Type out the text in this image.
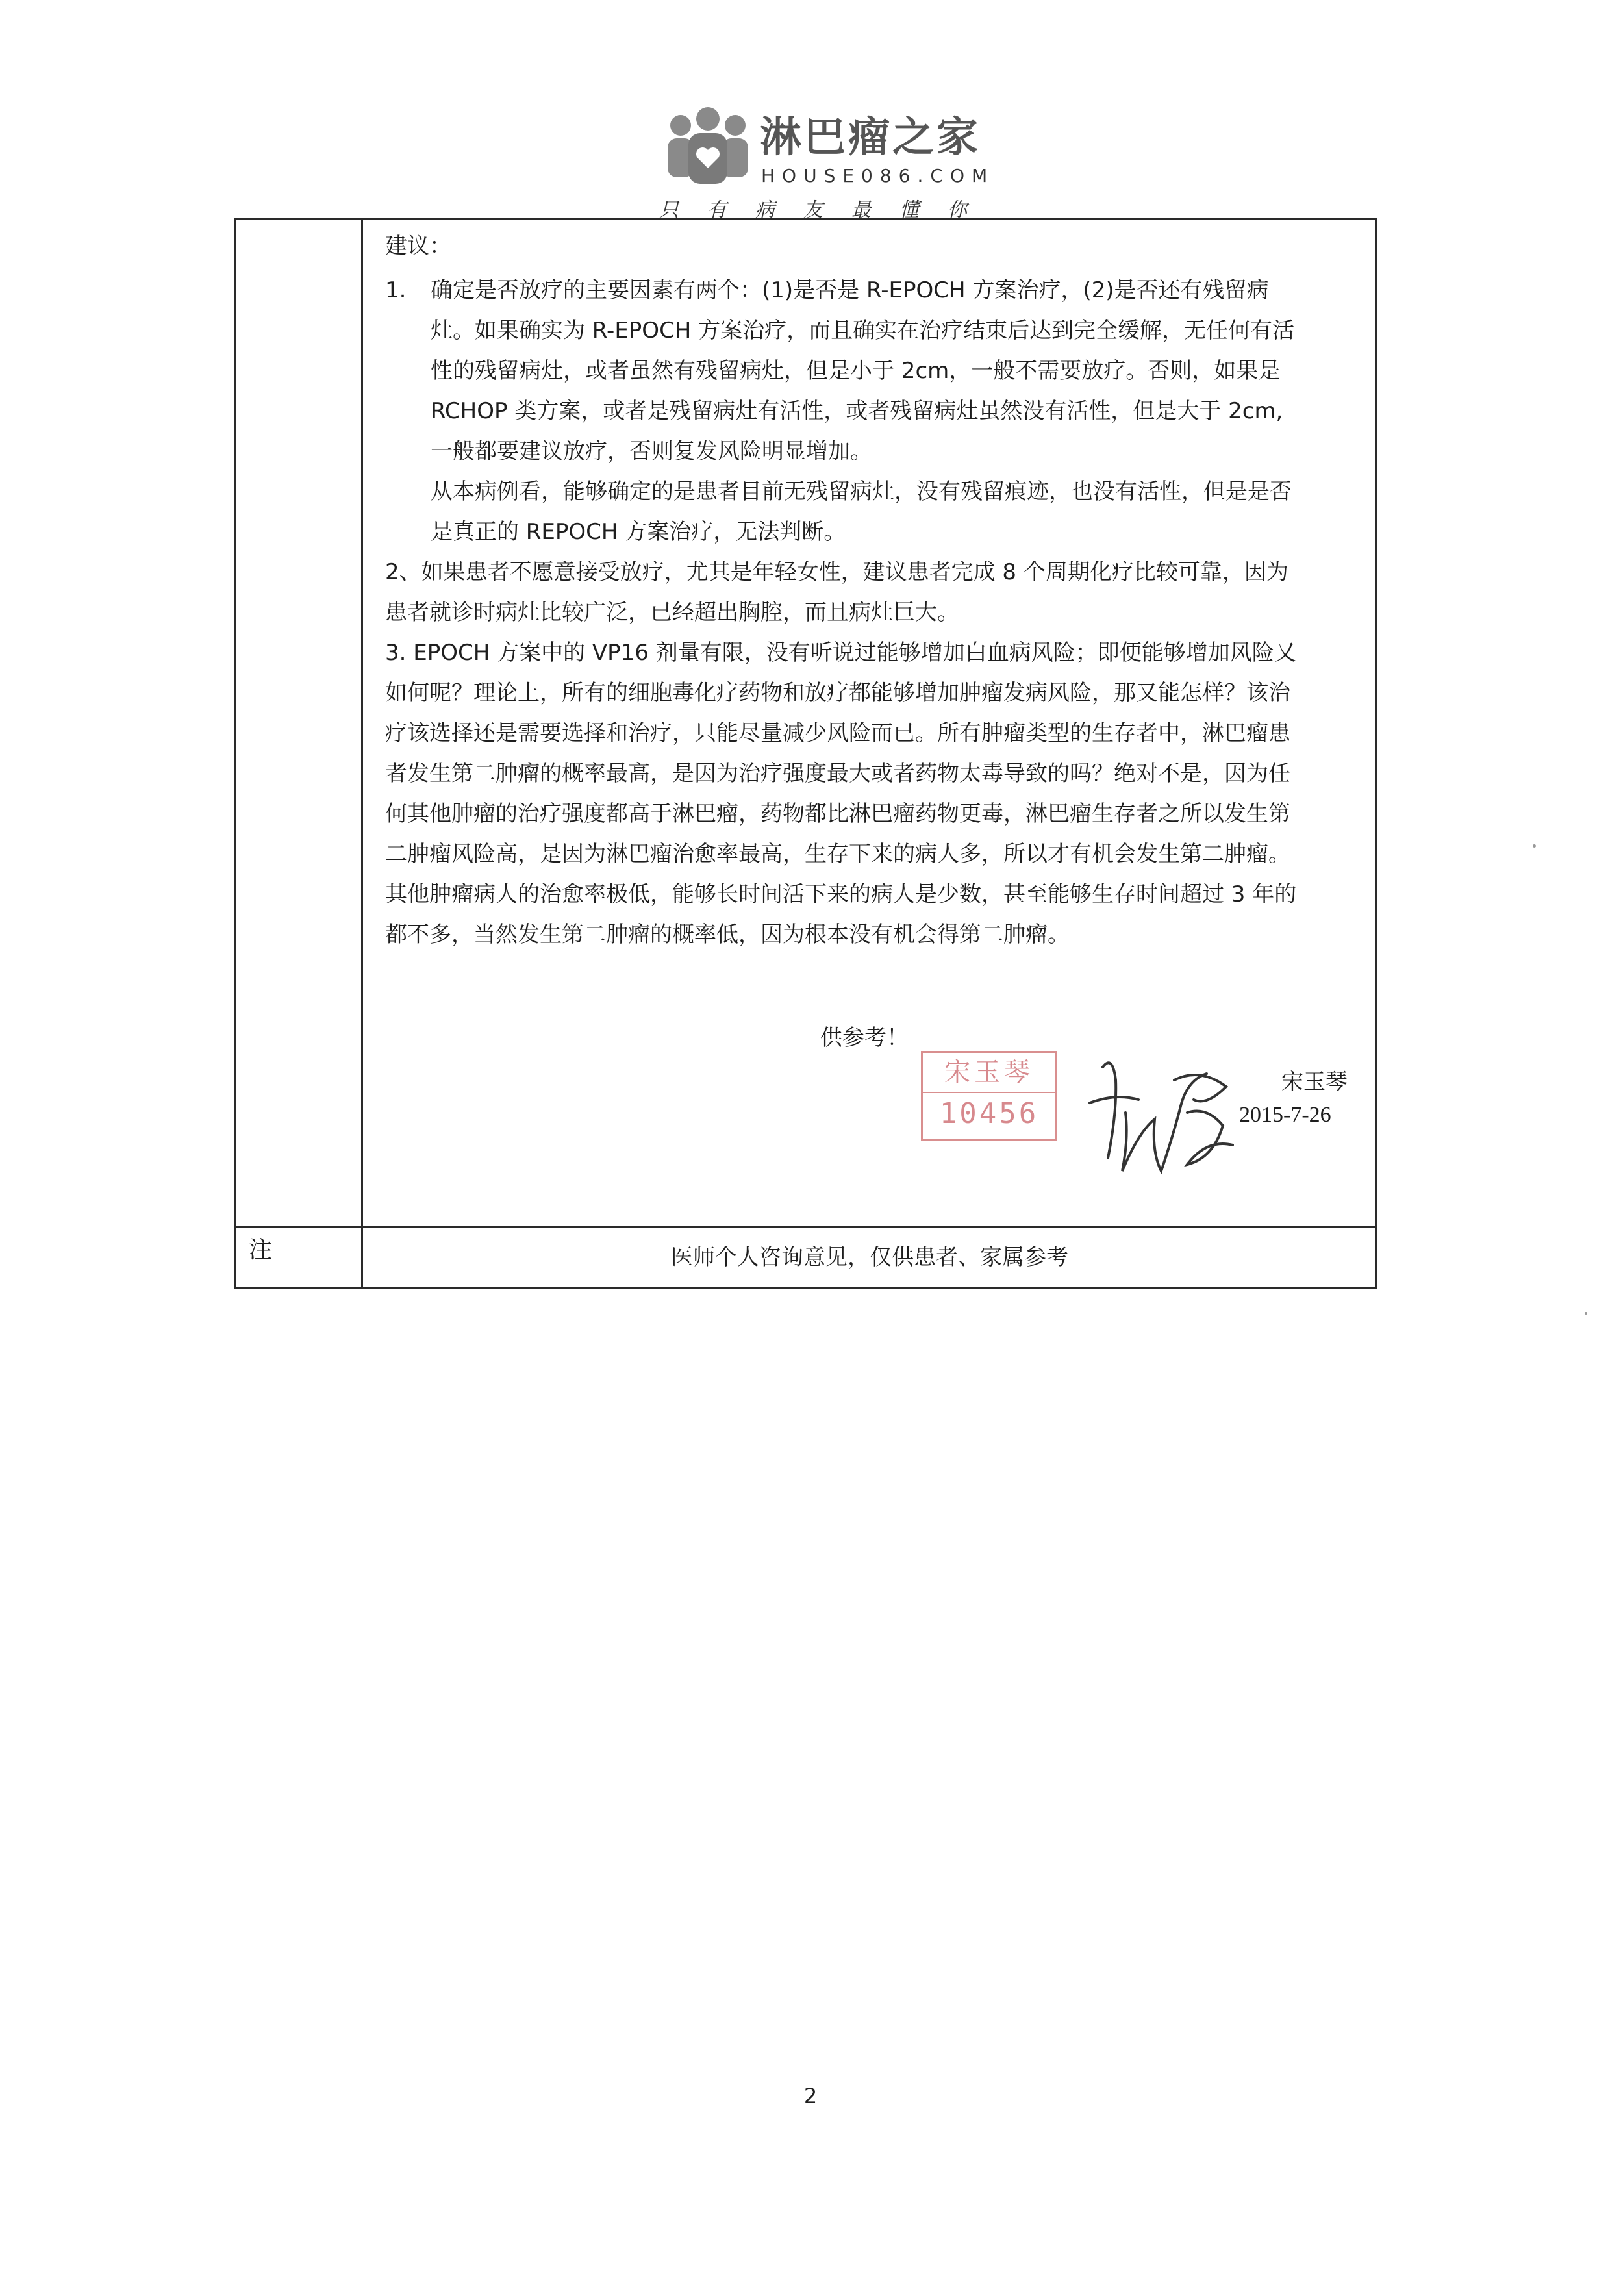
淋巴瘤之家
HOUSE086.COM
只有病友最懂你
建议：
1. 确定是否放疗的主要因素有两个：(1)是否是 R-EPOCH 方案治疗，(2)是否还有残留病
灶。如果确实为 R-EPOCH 方案治疗，而且确实在治疗结束后达到完全缓解，无任何有活
性的残留病灶，或者虽然有残留病灶，但是小于 2cm，一般不需要放疗。否则，如果是
RCHOP 类方案，或者是残留病灶有活性，或者残留病灶虽然没有活性，但是大于 2cm,
一般都要建议放疗，否则复发风险明显增加。
从本病例看，能够确定的是患者目前无残留病灶，没有残留痕迹，也没有活性，但是是否
是真正的 REPOCH 方案治疗，无法判断。
2、如果患者不愿意接受放疗，尤其是年轻女性，建议患者完成 8 个周期化疗比较可靠，因为
患者就诊时病灶比较广泛，已经超出胸腔，而且病灶巨大。
3. EPOCH 方案中的 VP16 剂量有限，没有听说过能够增加白血病风险；即便能够增加风险又
如何呢？理论上，所有的细胞毒化疗药物和放疗都能够增加肿瘤发病风险，那又能怎样？该治
疗该选择还是需要选择和治疗，只能尽量减少风险而已。所有肿瘤类型的生存者中，淋巴瘤患
者发生第二肿瘤的概率最高，是因为治疗强度最大或者药物太毒导致的吗？绝对不是，因为任
何其他肿瘤的治疗强度都高于淋巴瘤，药物都比淋巴瘤药物更毒，淋巴瘤生存者之所以发生第
二肿瘤风险高，是因为淋巴瘤治愈率最高，生存下来的病人多，所以才有机会发生第二肿瘤。
其他肿瘤病人的治愈率极低，能够长时间活下来的病人是少数，甚至能够生存时间超过 3 年的
都不多，当然发生第二肿瘤的概率低，因为根本没有机会得第二肿瘤。
供参考！
宋玉琴
10456
宋玉琴
2015-7-26
注	医师个人咨询意见，仅供患者、家属参考
2
